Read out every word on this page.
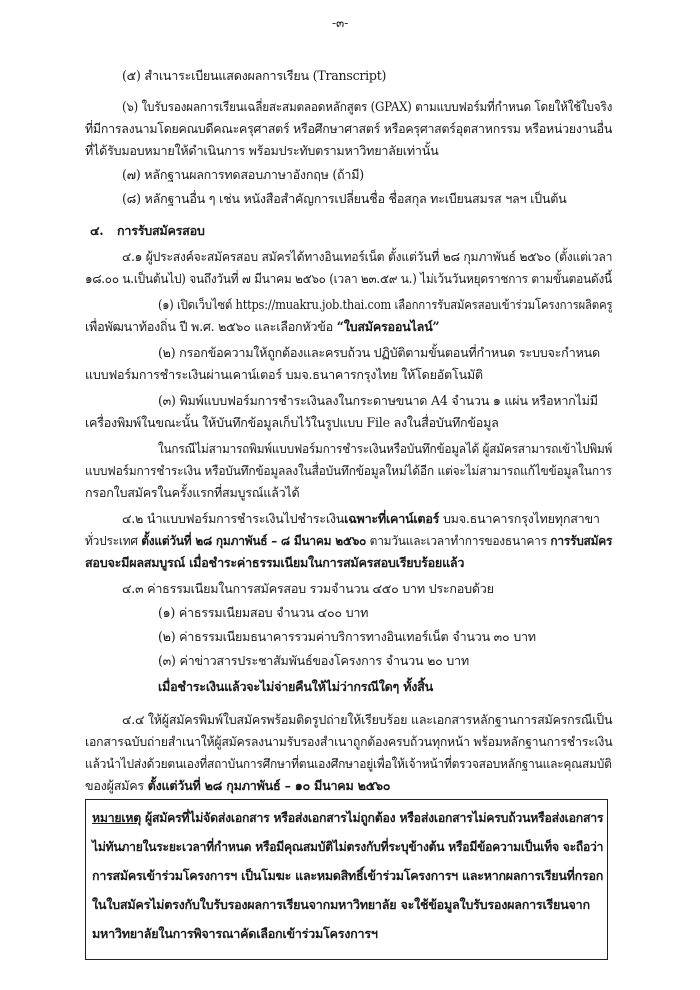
-๓-
(๕) สำเนาระเบียนแสดงผลการเรียน (Transcript)
(๖) ใบรับรองผลการเรียนเฉลี่ยสะสมตลอดหลักสูตร (GPAX) ตามแบบฟอร์มที่กำหนด โดยให้ใช้ใบจริง
ที่มีการลงนามโดยคณบดีคณะครุศาสตร์ หรือศึกษาศาสตร์ หรือครุศาสตร์อุตสาหกรรม หรือหน่วยงานอื่น
ที่ได้รับมอบหมายให้ดำเนินการ พร้อมประทับตรามหาวิทยาลัยเท่านั้น
(๗) หลักฐานผลการทดสอบภาษาอังกฤษ (ถ้ามี)
(๘) หลักฐานอื่น ๆ เช่น หนังสือสำคัญการเปลี่ยนชื่อ ชื่อสกุล ทะเบียนสมรส ฯลฯ เป็นต้น
๔. การรับสมัครสอบ
๔.๑ ผู้ประสงค์จะสมัครสอบ สมัครได้ทางอินเทอร์เน็ต ตั้งแต่วันที่ ๒๘ กุมภาพันธ์ ๒๕๖๐ (ตั้งแต่เวลา
๑๘.๐๐ น.เป็นต้นไป) จนถึงวันที่ ๗ มีนาคม ๒๕๖๐ (เวลา ๒๓.๕๙ น.) ไม่เว้นวันหยุดราชการ ตามขั้นตอนดังนี้
(๑) เปิดเว็บไซต์ https://muakru.job.thai.com เลือกการรับสมัครสอบเข้าร่วมโครงการผลิตครู
เพื่อพัฒนาท้องถิ่น ปี พ.ศ. ๒๕๖๐ และเลือกหัวข้อ “ใบสมัครออนไลน์”
(๒) กรอกข้อความให้ถูกต้องและครบถ้วน ปฏิบัติตามขั้นตอนที่กำหนด ระบบจะกำหนด
แบบฟอร์มการชำระเงินผ่านเคาน์เตอร์ บมจ.ธนาคารกรุงไทย ให้โดยอัตโนมัติ
(๓) พิมพ์แบบฟอร์มการชำระเงินลงในกระดาษขนาด A4 จำนวน ๑ แผ่น หรือหากไม่มี
เครื่องพิมพ์ในขณะนั้น ให้บันทึกข้อมูลเก็บไว้ในรูปแบบ File ลงในสื่อบันทึกข้อมูล
ในกรณีไม่สามารถพิมพ์แบบฟอร์มการชำระเงินหรือบันทึกข้อมูลได้ ผู้สมัครสามารถเข้าไปพิมพ์
แบบฟอร์มการชำระเงิน หรือบันทึกข้อมูลลงในสื่อบันทึกข้อมูลใหม่ได้อีก แต่จะไม่สามารถแก้ไขข้อมูลในการ
กรอกใบสมัครในครั้งแรกที่สมบูรณ์แล้วได้
๔.๒ นำแบบฟอร์มการชำระเงินไปชำระเงินเฉพาะที่เคาน์เตอร์ บมจ.ธนาคารกรุงไทยทุกสาขา
ทั่วประเทศ ตั้งแต่วันที่ ๒๘ กุมภาพันธ์ – ๘ มีนาคม ๒๕๖๐ ตามวันและเวลาทำการของธนาคาร การรับสมัคร
สอบจะมีผลสมบูรณ์ เมื่อชำระค่าธรรมเนียมในการสมัครสอบเรียบร้อยแล้ว
๔.๓ ค่าธรรมเนียมในการสมัครสอบ รวมจำนวน ๔๕๐ บาท ประกอบด้วย
(๑) ค่าธรรมเนียมสอบ จำนวน ๔๐๐ บาท
(๒) ค่าธรรมเนียมธนาคารรวมค่าบริการทางอินเทอร์เน็ต จำนวน ๓๐ บาท
(๓) ค่าข่าวสารประชาสัมพันธ์ของโครงการ จำนวน ๒๐ บาท
เมื่อชำระเงินแล้วจะไม่จ่ายคืนให้ไม่ว่ากรณีใดๆ ทั้งสิ้น
๔.๔ ให้ผู้สมัครพิมพ์ใบสมัครพร้อมติดรูปถ่ายให้เรียบร้อย และเอกสารหลักฐานการสมัครกรณีเป็น
เอกสารฉบับถ่ายสำเนาให้ผู้สมัครลงนามรับรองสำเนาถูกต้องครบถ้วนทุกหน้า พร้อมหลักฐานการชำระเงิน
แล้วนำไปส่งด้วยตนเองที่สถาบันการศึกษาที่ตนเองศึกษาอยู่เพื่อให้เจ้าหน้าที่ตรวจสอบหลักฐานและคุณสมบัติ
ของผู้สมัคร ตั้งแต่วันที่ ๒๘ กุมภาพันธ์ – ๑๐ มีนาคม ๒๕๖๐
หมายเหตุ ผู้สมัครที่ไม่จัดส่งเอกสาร หรือส่งเอกสารไม่ถูกต้อง หรือส่งเอกสารไม่ครบถ้วนหรือส่งเอกสาร
ไม่ทันภายในระยะเวลาที่กำหนด หรือมีคุณสมบัติไม่ตรงกับที่ระบุข้างต้น หรือมีข้อความเป็นเท็จ จะถือว่า
การสมัครเข้าร่วมโครงการฯ เป็นโมฆะ และหมดสิทธิ์เข้าร่วมโครงการฯ และหากผลการเรียนที่กรอก
ในใบสมัครไม่ตรงกับใบรับรองผลการเรียนจากมหาวิทยาลัย จะใช้ข้อมูลใบรับรองผลการเรียนจาก
มหาวิทยาลัยในการพิจารณาคัดเลือกเข้าร่วมโครงการฯ
